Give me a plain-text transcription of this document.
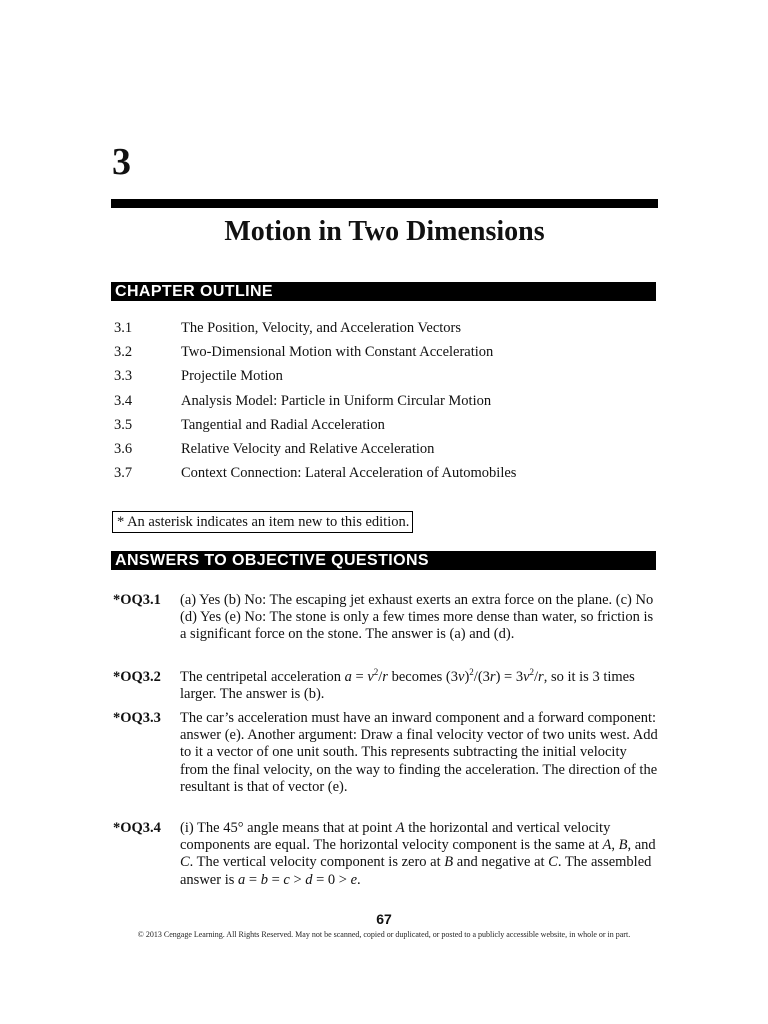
3
Motion in Two Dimensions
CHAPTER OUTLINE
3.1	The Position, Velocity, and Acceleration Vectors
3.2	Two-Dimensional Motion with Constant Acceleration
3.3	Projectile Motion
3.4	Analysis Model: Particle in Uniform Circular Motion
3.5	Tangential and Radial Acceleration
3.6	Relative Velocity and Relative Acceleration
3.7	Context Connection: Lateral Acceleration of Automobiles
* An asterisk indicates an item new to this edition.
ANSWERS TO OBJECTIVE QUESTIONS
*OQ3.1 (a) Yes (b) No: The escaping jet exhaust exerts an extra force on the plane. (c) No (d) Yes (e) No: The stone is only a few times more dense than water, so friction is a significant force on the stone. The answer is (a) and (d).
*OQ3.2 The centripetal acceleration $a = v^2/r$ becomes $(3v)^2/(3r) = 3v^2/r$, so it is 3 times larger. The answer is (b).
*OQ3.3 The car’s acceleration must have an inward component and a forward component: answer (e). Another argument: Draw a final velocity vector of two units west. Add to it a vector of one unit south. This represents subtracting the initial velocity from the final velocity, on the way to finding the acceleration. The direction of the resultant is that of vector (e).
*OQ3.4 (i) The 45° angle means that at point A the horizontal and vertical velocity components are equal. The horizontal velocity component is the same at A, B, and C. The vertical velocity component is zero at B and negative at C. The assembled answer is a = b = c > d = 0 > e.
67
© 2013 Cengage Learning. All Rights Reserved. May not be scanned, copied or duplicated, or posted to a publicly accessible website, in whole or in part.
